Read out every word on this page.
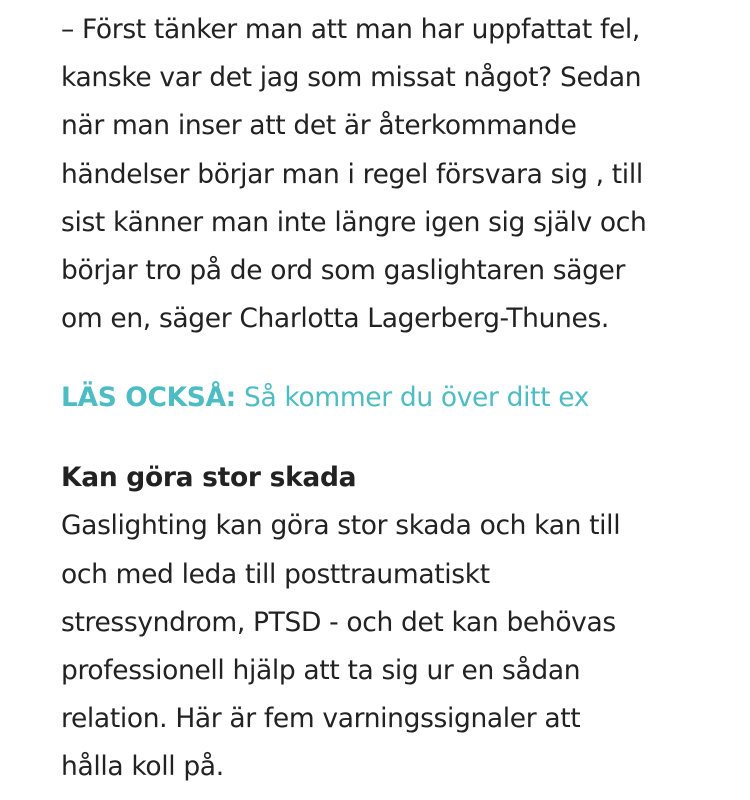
– Först tänker man att man har uppfattat fel,
kanske var det jag som missat något? Sedan
när man inser att det är återkommande
händelser börjar man i regel försvara sig , till
sist känner man inte längre igen sig själv och
börjar tro på de ord som gaslightaren säger
om en, säger Charlotta Lagerberg-Thunes.

LÄS OCKSÅ: Så kommer du över ditt ex
Kan göra stor skada

Gaslighting kan göra stor skada och kan till
och med leda till posttraumatiskt
stressyndrom, PTSD - och det kan behövas
professionell hjälp att ta sig ur en sådan
relation. Här är fem varningssignaler att
hålla koll på.
